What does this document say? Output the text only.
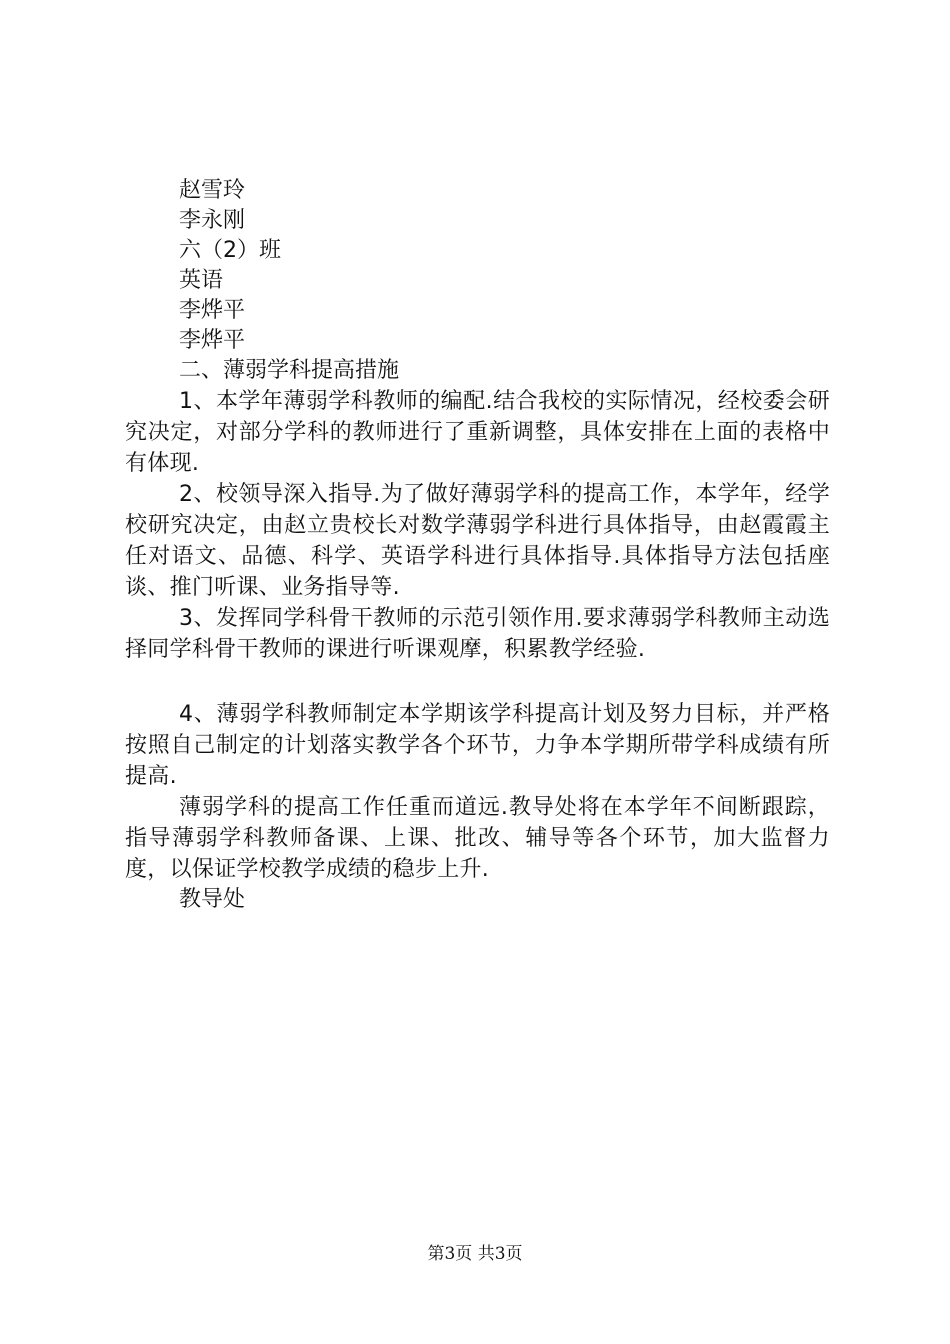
赵雪玲
李永刚
六（2）班
英语
李烨平
李烨平
二、薄弱学科提高措施
1、本学年薄弱学科教师的编配.结合我校的实际情况，经校委会研究决定，对部分学科的教师进行了重新调整，具体安排在上面的表格中有体现.
2、校领导深入指导.为了做好薄弱学科的提高工作，本学年，经学校研究决定，由赵立贵校长对数学薄弱学科进行具体指导，由赵霞霞主任对语文、品德、科学、英语学科进行具体指导.具体指导方法包括座谈、推门听课、业务指导等.
3、发挥同学科骨干教师的示范引领作用.要求薄弱学科教师主动选择同学科骨干教师的课进行听课观摩，积累教学经验.
4、薄弱学科教师制定本学期该学科提高计划及努力目标，并严格按照自己制定的计划落实教学各个环节，力争本学期所带学科成绩有所提高.
薄弱学科的提高工作任重而道远.教导处将在本学年不间断跟踪，指导薄弱学科教师备课、上课、批改、辅导等各个环节，加大监督力度，以保证学校教学成绩的稳步上升.
教导处
第3页 共3页
